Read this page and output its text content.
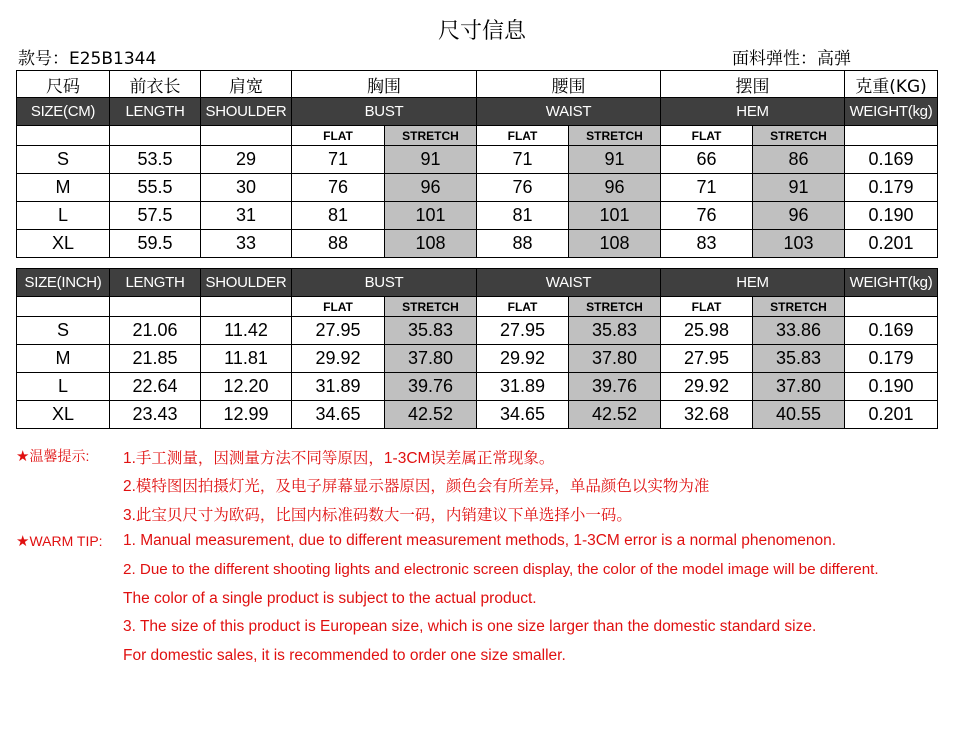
尺寸信息
款号：E25B1344	面料弹性：高弹
尺码	前衣长	肩宽	胸围		腰围		摆围		克重(KG)
SIZE(CM)	LENGTH	SHOULDER	BUST		WAIST		HEM		WEIGHT(kg)
			FLAT	STRETCH	FLAT	STRETCH	FLAT	STRETCH	
S	53.5	29	71	91	71	91	66	86	0.169
M	55.5	30	76	96	76	96	71	91	0.179
L	57.5	31	81	101	81	101	76	96	0.190
XL	59.5	33	88	108	88	108	83	103	0.201
SIZE(INCH)	LENGTH	SHOULDER	BUST		WAIST		HEM		WEIGHT(kg)
			FLAT	STRETCH	FLAT	STRETCH	FLAT	STRETCH	
S	21.06	11.42	27.95	35.83	27.95	35.83	25.98	33.86	0.169
M	21.85	11.81	29.92	37.80	29.92	37.80	27.95	35.83	0.179
L	22.64	12.20	31.89	39.76	31.89	39.76	29.92	37.80	0.190
XL	23.43	12.99	34.65	42.52	34.65	42.52	32.68	40.55	0.201
★温馨提示: 1.手工测量，因测量方法不同等原因，1-3CM误差属正常现象。
2.模特图因拍摄灯光，及电子屏幕显示器原因，颜色会有所差异，单品颜色以实物为准
3.此宝贝尺寸为欧码，比国内标准码数大一码，内销建议下单选择小一码。
★WARM TIP: 1. Manual measurement, due to different measurement methods, 1-3CM error is a normal phenomenon.
2. Due to the different shooting lights and electronic screen display, the color of the model image will be different.
The color of a single product is subject to the actual product.
3. The size of this product is European size, which is one size larger than the domestic standard size.
For domestic sales, it is recommended to order one size smaller.
